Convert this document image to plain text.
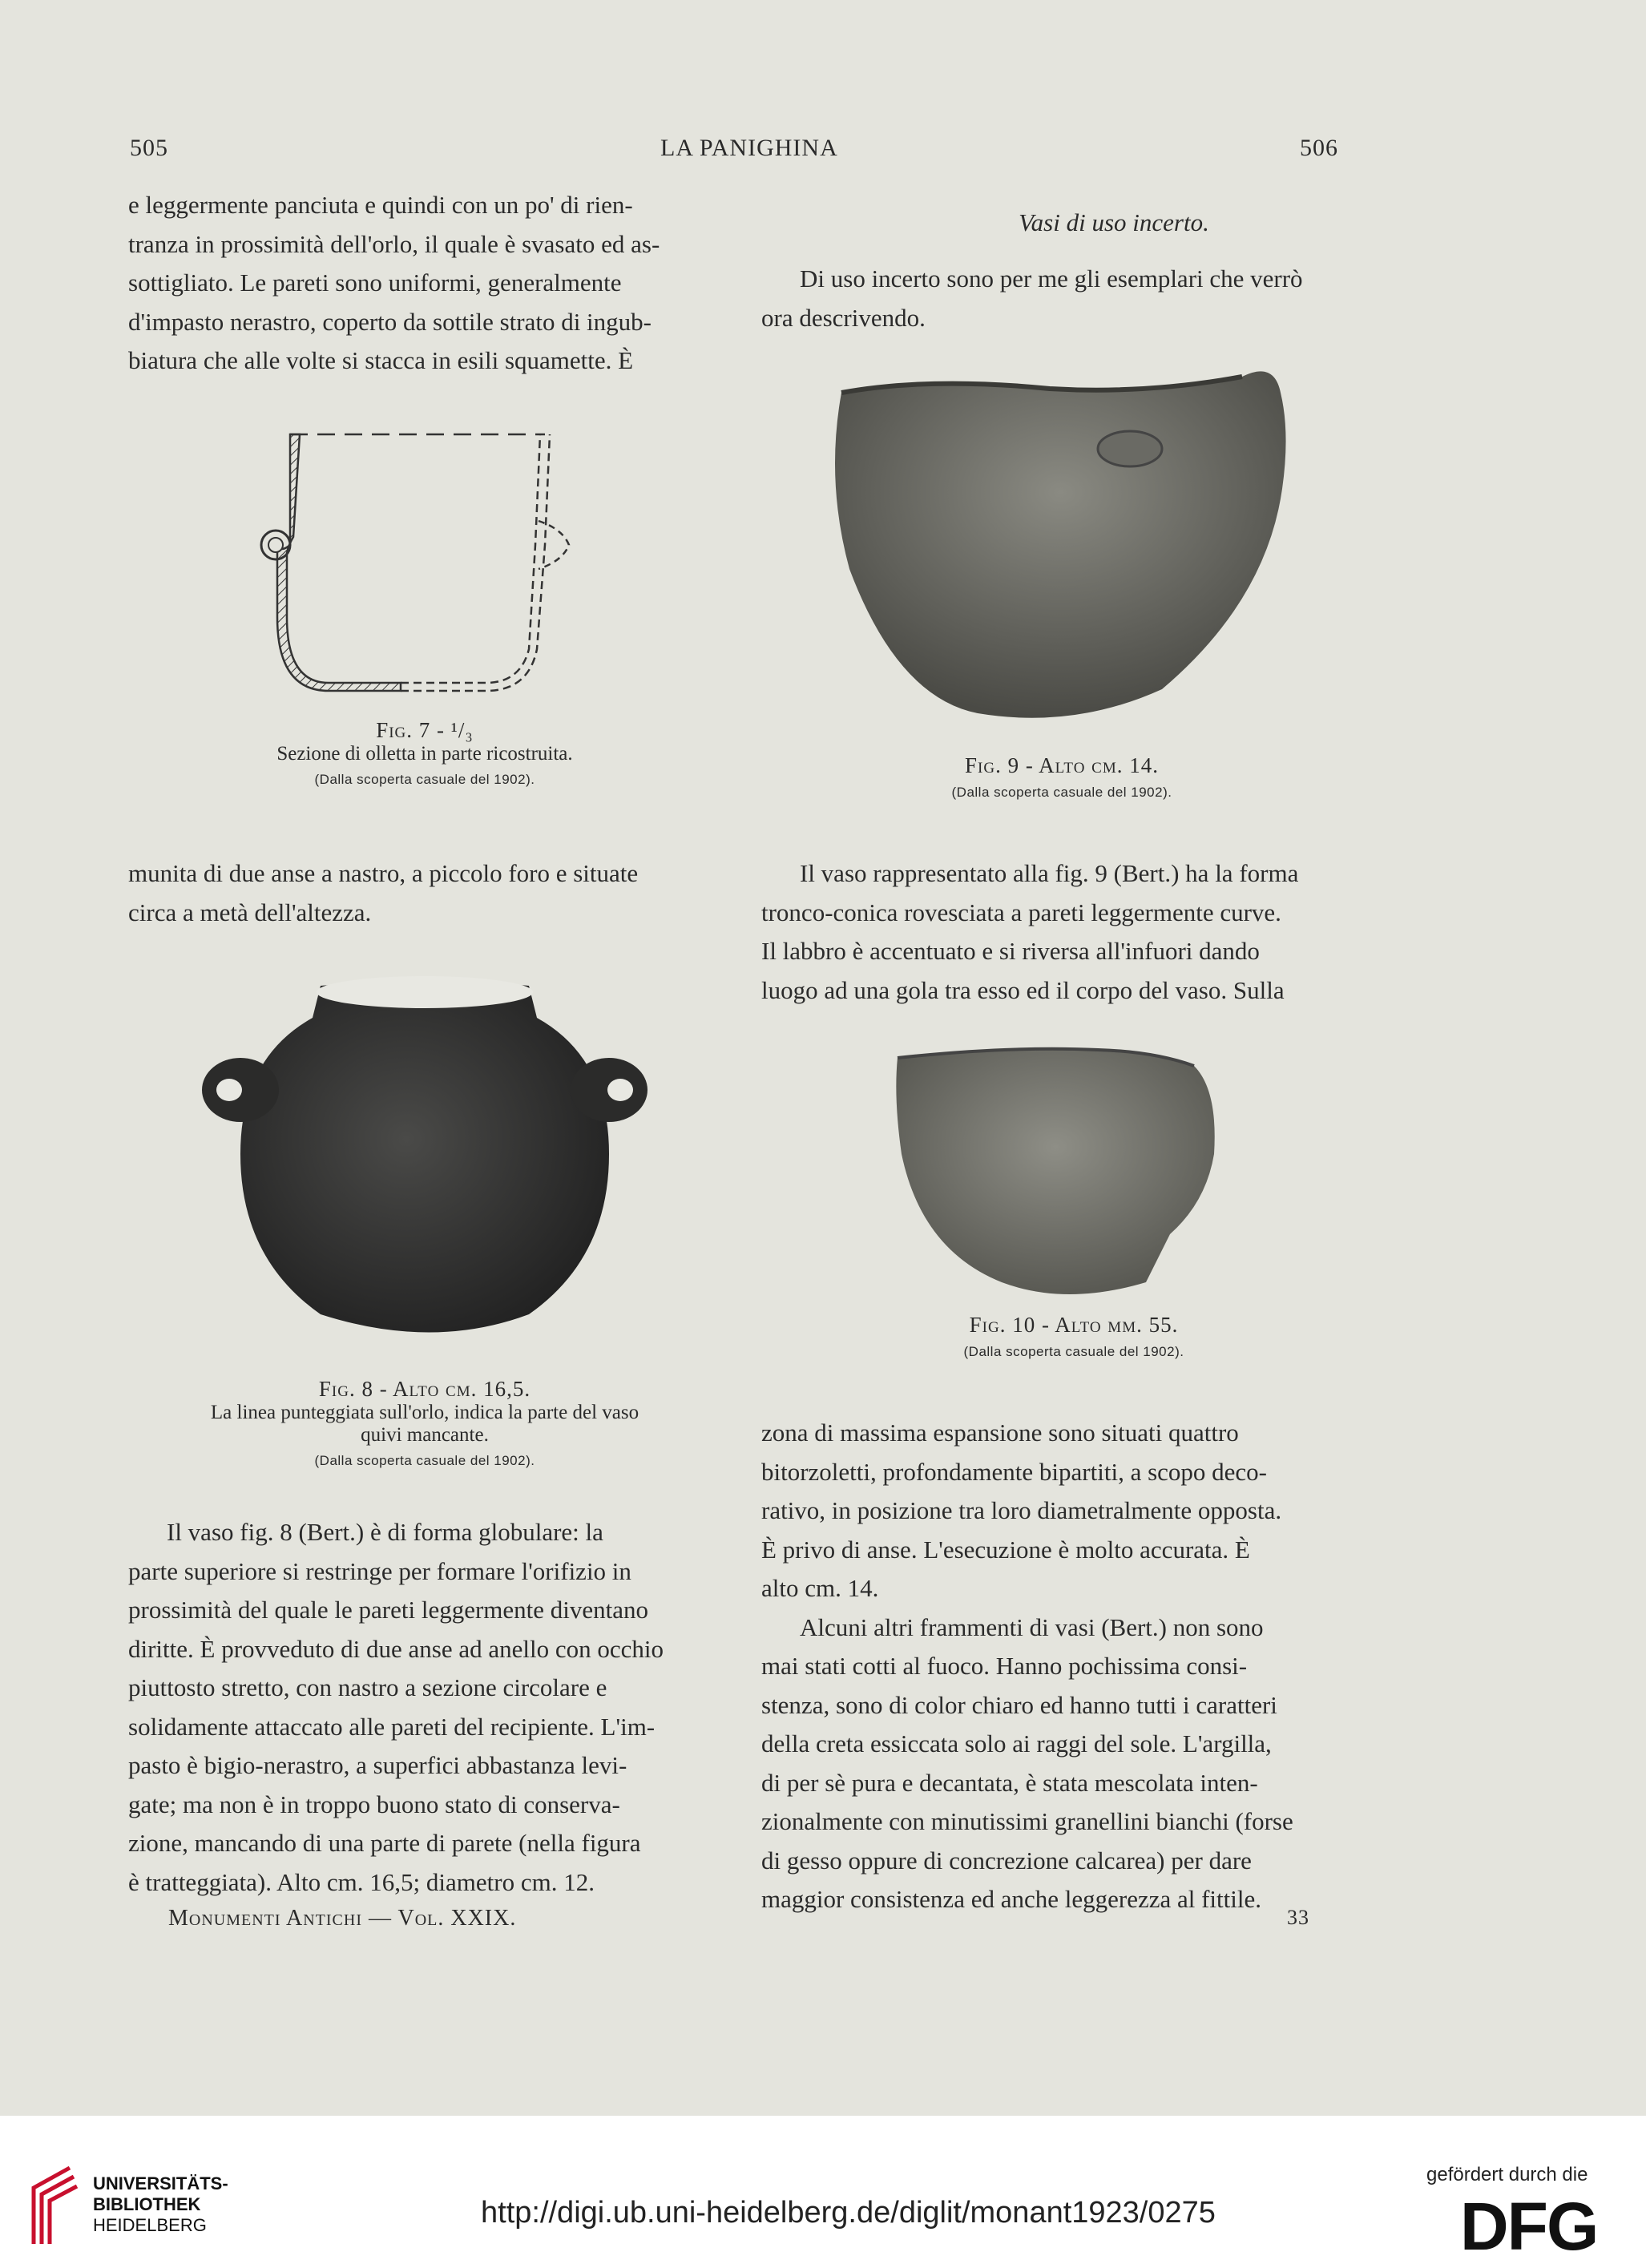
505	LA PANIGHINA	506

e leggermente panciuta e quindi con un po' di rien-

tranza in prossimità dell'orlo, il quale è svasato ed as-

sottigliato. Le pareti sono uniformi, generalmente

d'impasto nerastro, coperto da sottile strato di ingub-

biatura che alle volte si stacca in esili squamette. È

Fig. 7 - ¹/₃
Sezione di olletta in parte ricostruita.
(Dalla scoperta casuale del 1902).

munita di due anse a nastro, a piccolo foro e situate

circa a metà dell'altezza.

Fig. 8 - Alto cm. 16,5.
La linea punteggiata sull'orlo, indica la parte del vaso quivi mancante.
(Dalla scoperta casuale del 1902).

Il vaso fig. 8 (Bert.) è di forma globulare: la

parte superiore si restringe per formare l'orifizio in

prossimità del quale le pareti leggermente diventano

diritte. È provveduto di due anse ad anello con occhio

piuttosto stretto, con nastro a sezione circolare e

solidamente attaccato alle pareti del recipiente. L'im-

pasto è bigio-nerastro, a superfici abbastanza levi-

gate; ma non è in troppo buono stato di conserva-

zione, mancando di una parte di parete (nella figura

è tratteggiata). Alto cm. 16,5; diametro cm. 12.

Vasi di uso incerto.

Di uso incerto sono per me gli esemplari che verrò

ora descrivendo.

Fig. 9 - Alto cm. 14.
(Dalla scoperta casuale del 1902).

Il vaso rappresentato alla fig. 9 (Bert.) ha la forma

tronco-conica rovesciata a pareti leggermente curve.

Il labbro è accentuato e si riversa all'infuori dando

luogo ad una gola tra esso ed il corpo del vaso. Sulla

Fig. 10 - Alto mm. 55.
(Dalla scoperta casuale del 1902).

zona di massima espansione sono situati quattro

bitorzoletti, profondamente bipartiti, a scopo deco-

rativo, in posizione tra loro diametralmente opposta.

È privo di anse. L'esecuzione è molto accurata. È

alto cm. 14.

Alcuni altri frammenti di vasi (Bert.) non sono

mai stati cotti al fuoco. Hanno pochissima consi-

stenza, sono di color chiaro ed hanno tutti i caratteri

della creta essiccata solo ai raggi del sole. L'argilla,

di per sè pura e decantata, è stata mescolata inten-

zionalmente con minutissimi granellini bianchi (forse

di gesso oppure di concrezione calcarea) per dare

maggior consistenza ed anche leggerezza al fittile.

Monumenti Antichi — Vol. XXIX.	33
UNIVERSITÄTS-
BIBLIOTHEK
HEIDELBERG	http://digi.ub.uni-heidelberg.de/diglit/monant1923/0275
gefördert durch die
DFG
